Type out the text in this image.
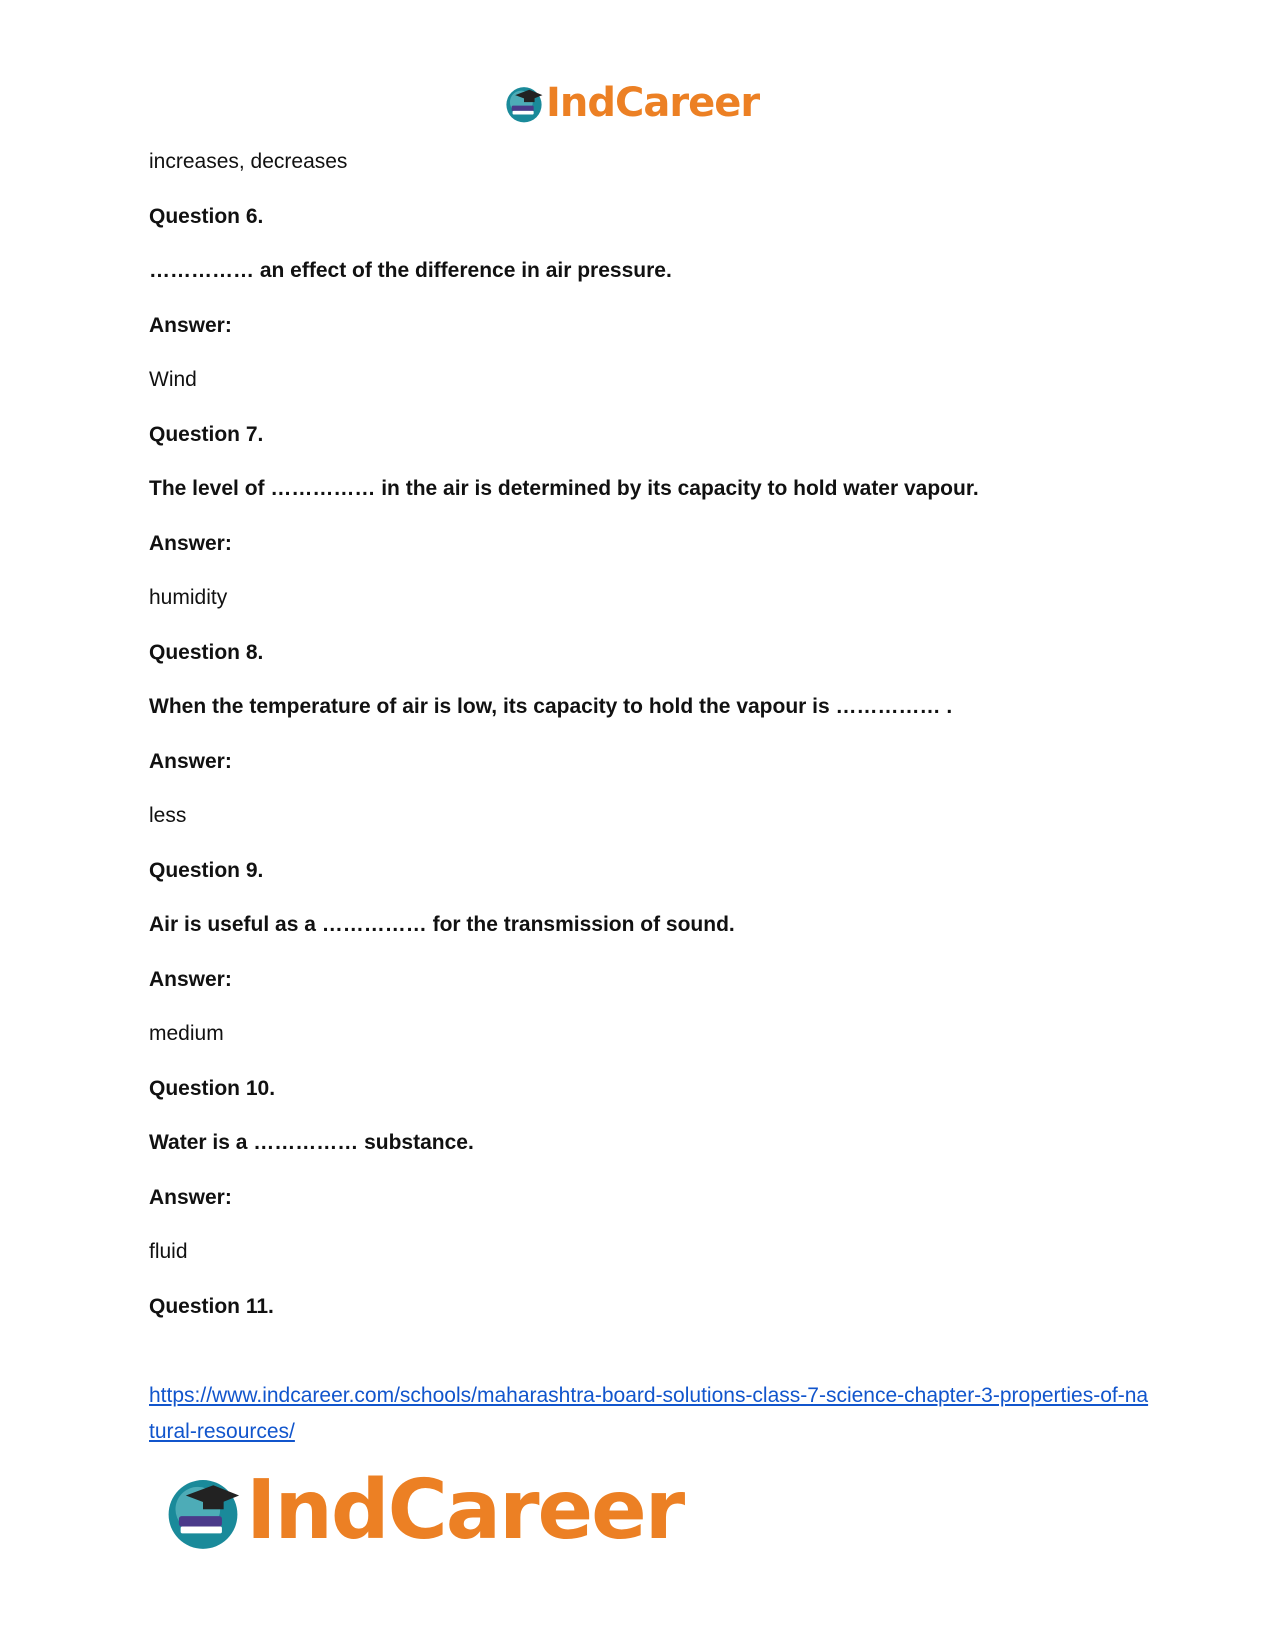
IndCareer

increases, decreases

Question 6.

…………… an effect of the difference in air pressure.

Answer:

Wind

Question 7.

The level of …………… in the air is determined by its capacity to hold water vapour.

Answer:

humidity

Question 8.

When the temperature of air is low, its capacity to hold the vapour is …………… .

Answer:

less

Question 9.

Air is useful as a …………… for the transmission of sound.

Answer:

medium

Question 10.

Water is a …………… substance.

Answer:

fluid

Question 11.

https://www.indcareer.com/schools/maharashtra-board-solutions-class-7-science-chapter-3-properties-of-natural-resources/
IndCareer
